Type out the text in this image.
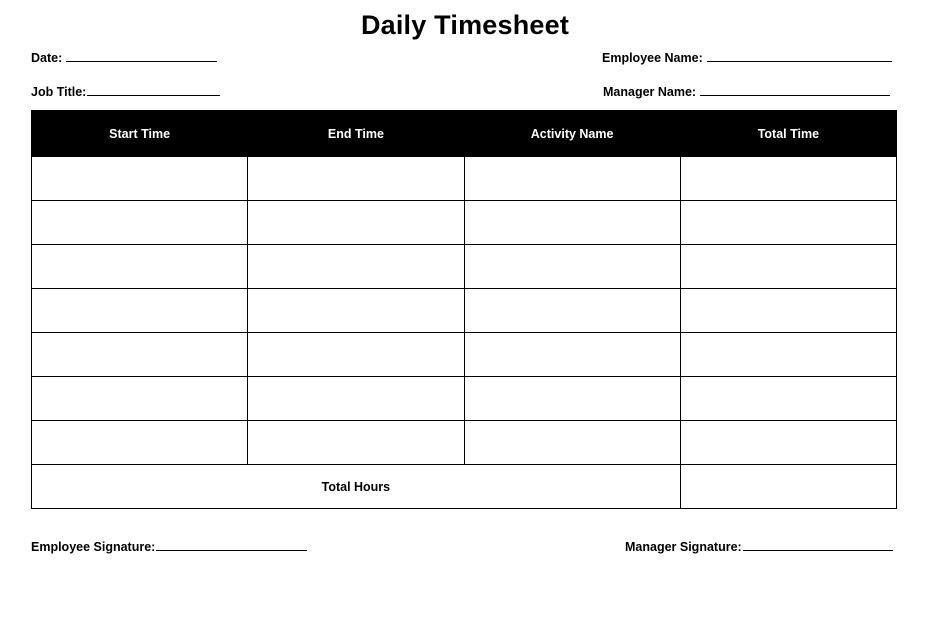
Daily Timesheet
Date:	Employee Name:
Job Title:	Manager Name:
Start Time	End Time	Activity Name	Total Time

Total Hours			
Employee Signature:	Manager Signature:
